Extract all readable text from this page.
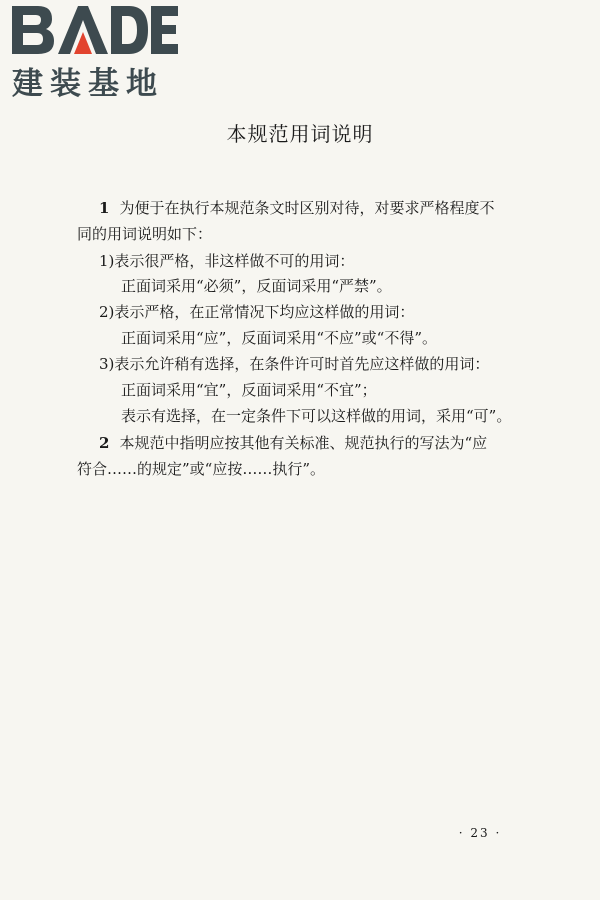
建装基地
本规范用词说明
1 为便于在执行本规范条文时区别对待，对要求严格程度不
同的用词说明如下：
1)表示很严格，非这样做不可的用词：
正面词采用“必须”，反面词采用“严禁”。
2)表示严格，在正常情况下均应这样做的用词：
正面词采用“应”，反面词采用“不应”或“不得”。
3)表示允许稍有选择，在条件许可时首先应这样做的用词：
正面词采用“宜”，反面词采用“不宜”；
表示有选择，在一定条件下可以这样做的用词，采用“可”。
2 本规范中指明应按其他有关标准、规范执行的写法为“应
符合……的规定”或“应按……执行”。
· 23 ·
